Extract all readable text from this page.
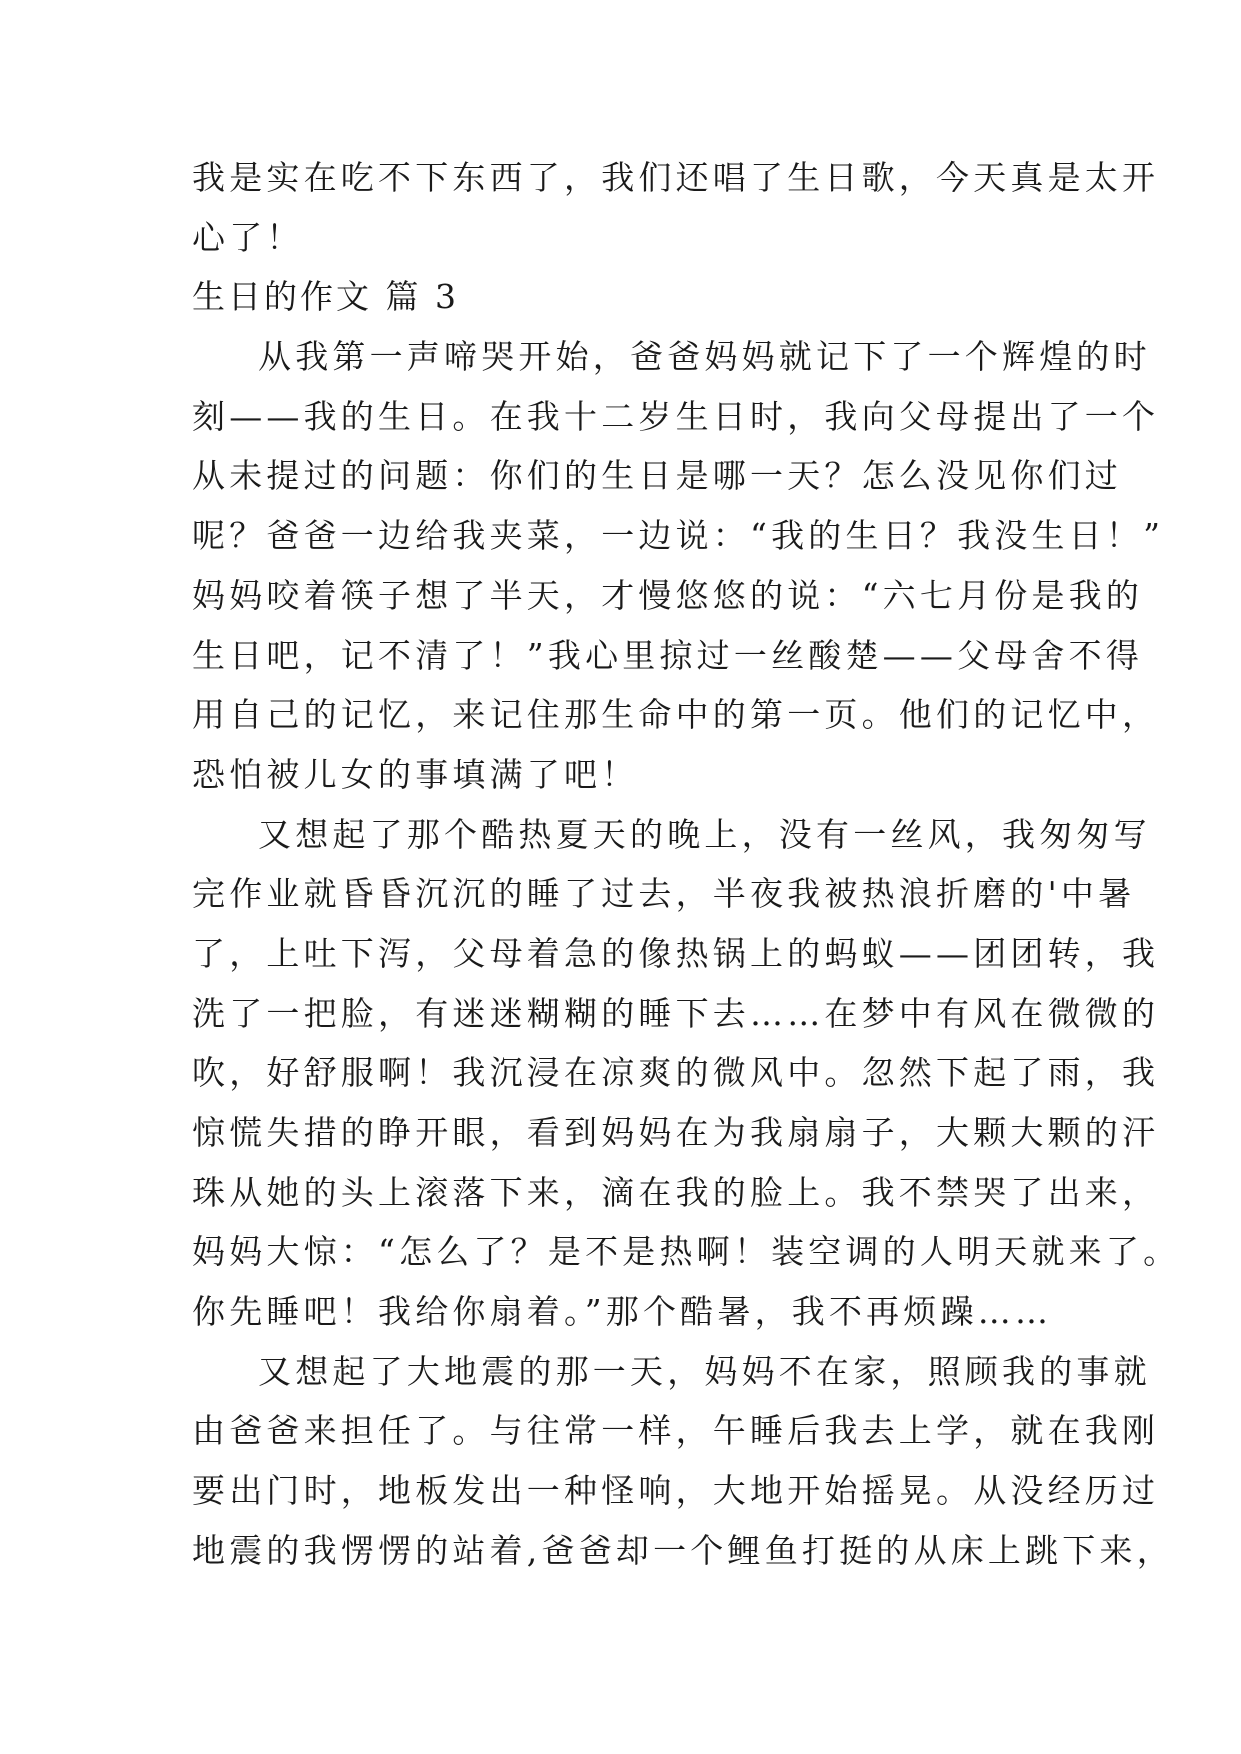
我是实在吃不下东西了，我们还唱了生日歌，今天真是太开
心了！
生日的作文 篇 3
从我第一声啼哭开始，爸爸妈妈就记下了一个辉煌的时
刻——我的生日。在我十二岁生日时，我向父母提出了一个
从未提过的问题：你们的生日是哪一天？怎么没见你们过
呢？爸爸一边给我夹菜，一边说：“我的生日？我没生日！”
妈妈咬着筷子想了半天，才慢悠悠的说：“六七月份是我的
生日吧，记不清了！”我心里掠过一丝酸楚——父母舍不得
用自己的记忆，来记住那生命中的第一页。他们的记忆中，
恐怕被儿女的事填满了吧！
又想起了那个酷热夏天的晚上，没有一丝风，我匆匆写
完作业就昏昏沉沉的睡了过去，半夜我被热浪折磨的'中暑
了，上吐下泻，父母着急的像热锅上的蚂蚁——团团转，我
洗了一把脸，有迷迷糊糊的睡下去……在梦中有风在微微的
吹，好舒服啊！我沉浸在凉爽的微风中。忽然下起了雨，我
惊慌失措的睁开眼，看到妈妈在为我扇扇子，大颗大颗的汗
珠从她的头上滚落下来，滴在我的脸上。我不禁哭了出来，
妈妈大惊：“怎么了？是不是热啊！装空调的人明天就来了。
你先睡吧！我给你扇着。”那个酷暑，我不再烦躁……
又想起了大地震的那一天，妈妈不在家，照顾我的事就
由爸爸来担任了。与往常一样，午睡后我去上学，就在我刚
要出门时，地板发出一种怪响，大地开始摇晃。从没经历过
地震的我愣愣的站着,爸爸却一个鲤鱼打挺的从床上跳下来，
